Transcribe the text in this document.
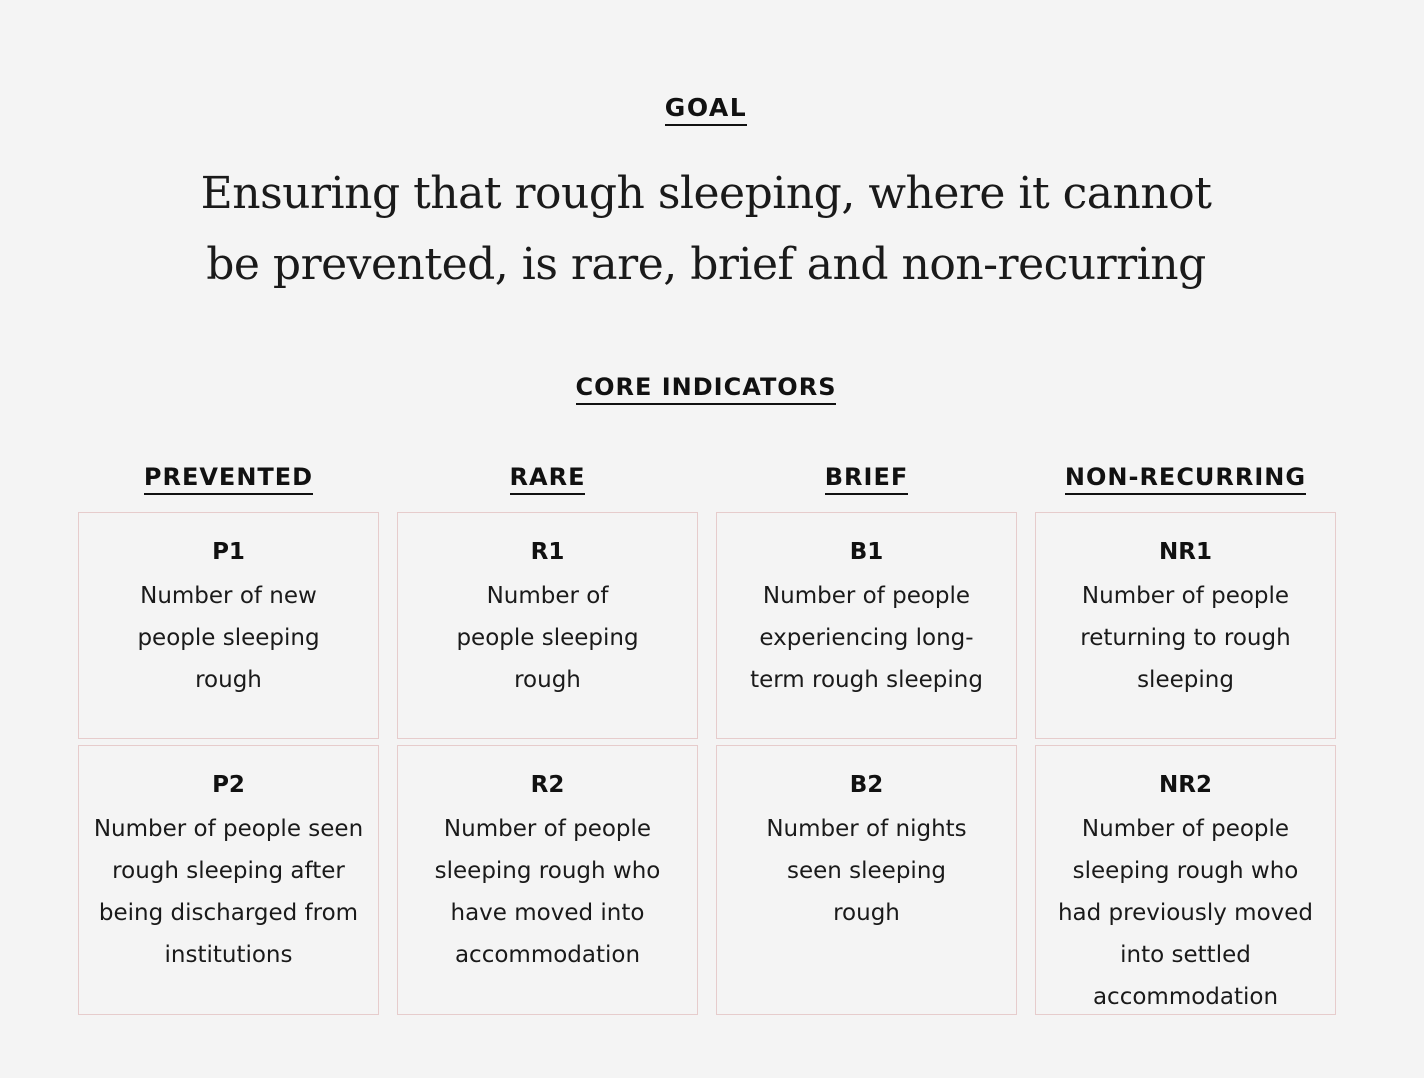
GOAL
Ensuring that rough sleeping, where it cannot be prevented, is rare, brief and non-recurring
CORE INDICATORS
PREVENTED
P1
Number of new people sleeping rough
P2
Number of people seen rough sleeping after being discharged from institutions
RARE
R1
Number of people sleeping rough
R2
Number of people sleeping rough who have moved into accommodation
BRIEF
B1
Number of people experiencing long-term rough sleeping
B2
Number of nights seen sleeping rough
NON-RECURRING
NR1
Number of people returning to rough sleeping
NR2
Number of people sleeping rough who had previously moved into settled accommodation
